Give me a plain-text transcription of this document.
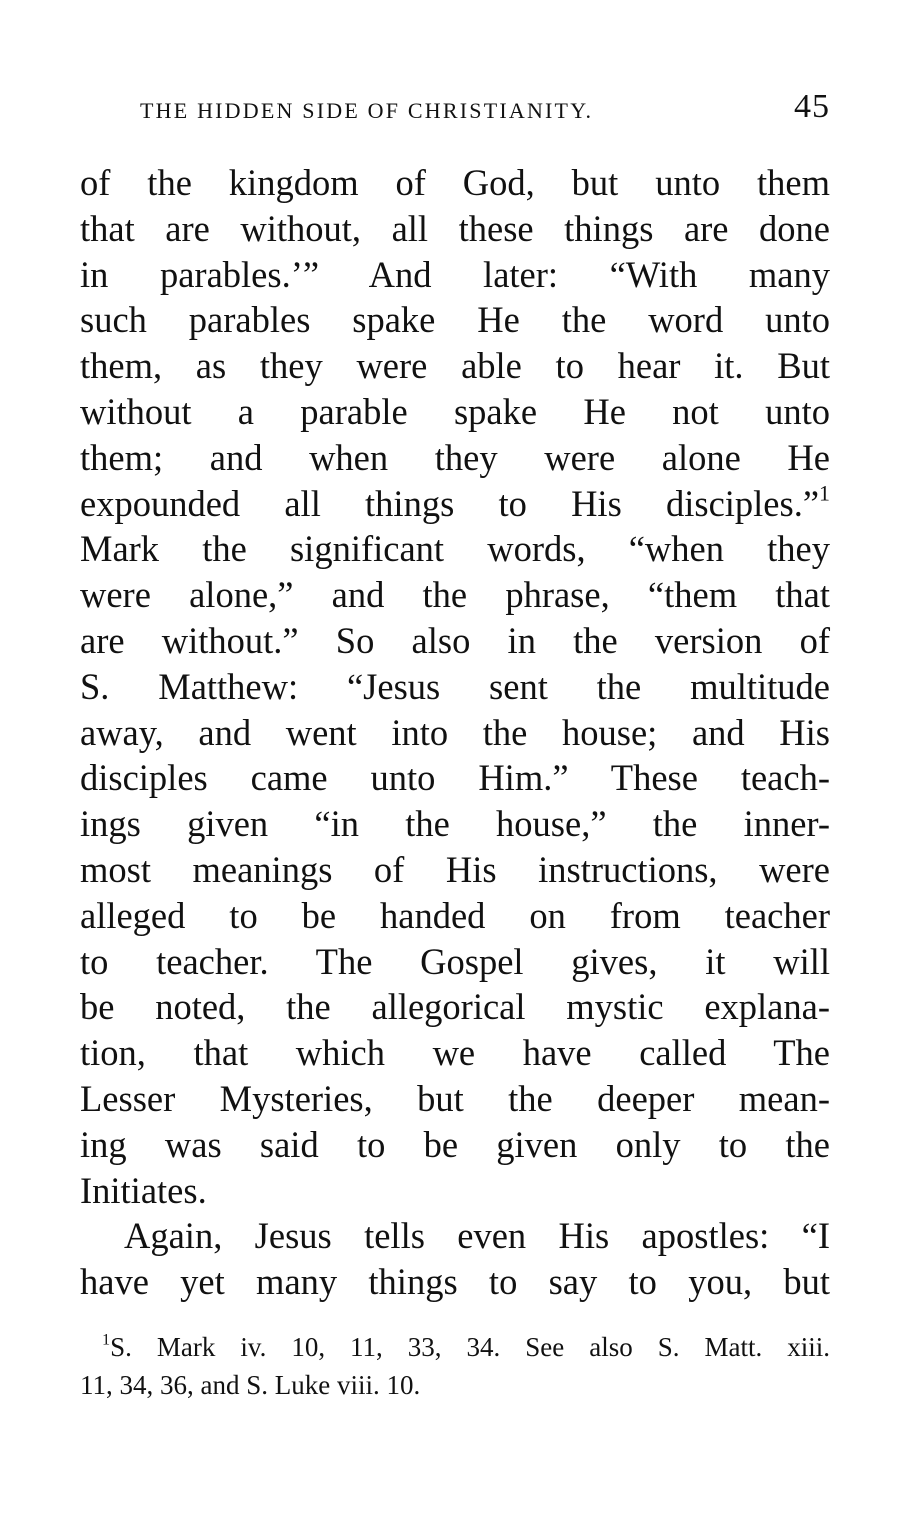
THE HIDDEN SIDE OF CHRISTIANITY.	45
of the kingdom of God, but unto them
that are without, all these things are done
in parables.’” And later: “With many
such parables spake He the word unto
them, as they were able to hear it. But
without a parable spake He not unto
them; and when they were alone He
expounded all things to His disciples.”$^1$
Mark the significant words, “when they
were alone,” and the phrase, “them that
are without.” So also in the version of
S. Matthew: “Jesus sent the multitude
away, and went into the house; and His
disciples came unto Him.” These teach-
ings given “in the house,” the inner-
most meanings of His instructions, were
alleged to be handed on from teacher
to teacher. The Gospel gives, it will
be noted, the allegorical mystic explana-
tion, that which we have called The
Lesser Mysteries, but the deeper mean-
ing was said to be given only to the
Initiates.
Again, Jesus tells even His apostles: “I
have yet many things to say to you, but
$^1$S. Mark iv. 10, 11, 33, 34. See also S. Matt. xiii.
11, 34, 36, and S. Luke viii. 10.
